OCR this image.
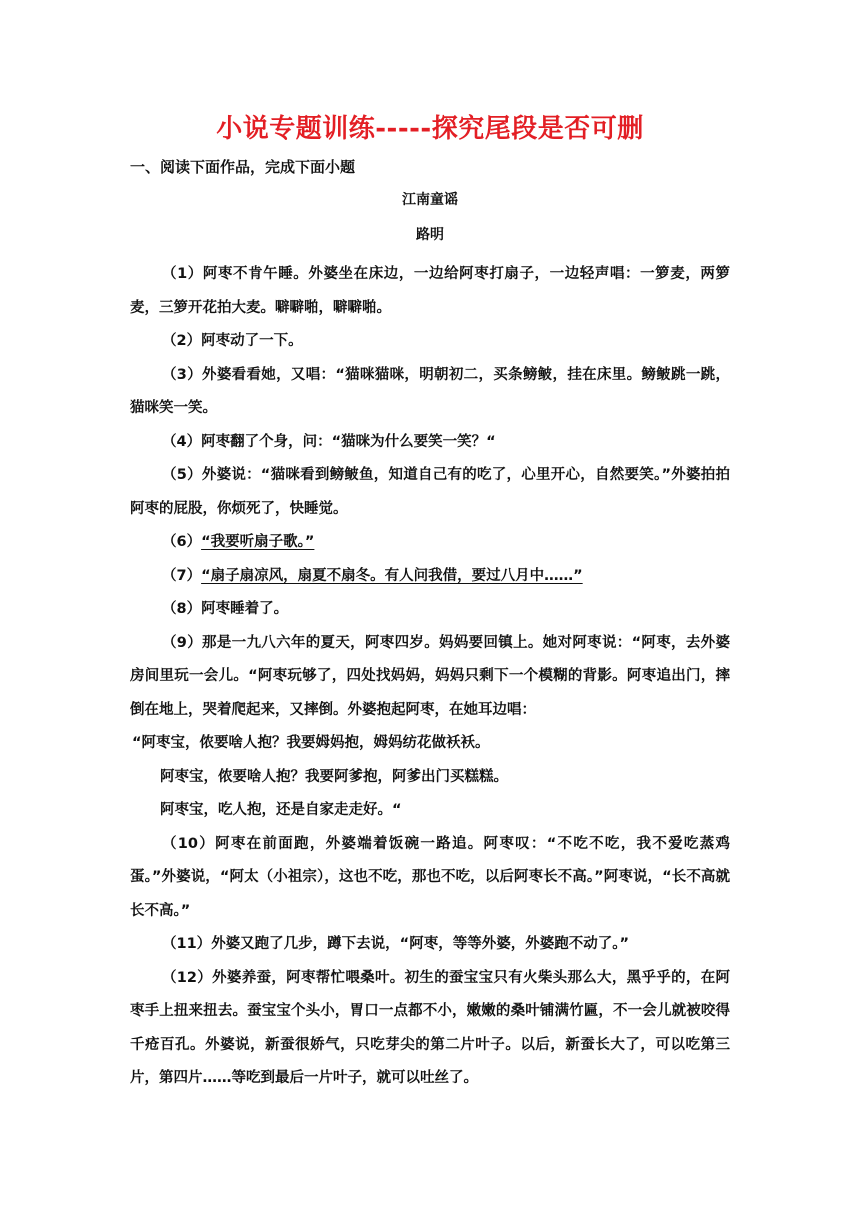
小说专题训练-----探究尾段是否可删
一、阅读下面作品，完成下面小题
江南童谣
路明

（1）阿枣不肯午睡。外婆坐在床边，一边给阿枣打扇子，一边轻声唱：一箩麦，两箩麦，三箩开花拍大麦。噼噼啪，噼噼啪。

（2）阿枣动了一下。

（3）外婆看看她，又唱：“猫咪猫咪，明朝初二，买条鳑鲏，挂在床里。鳑鲏跳一跳，猫咪笑一笑。

（4）阿枣翻了个身，问：“猫咪为什么要笑一笑？“

（5）外婆说：“猫咪看到鳑鲏鱼，知道自己有的吃了，心里开心，自然要笑。”外婆拍拍阿枣的屁股，你烦死了，快睡觉。

（6）“我要听扇子歌。”

（7）“扇子扇凉风，扇夏不扇冬。有人问我借，要过八月中……”

（8）阿枣睡着了。

（9）那是一九八六年的夏天，阿枣四岁。妈妈要回镇上。她对阿枣说：“阿枣，去外婆房间里玩一会儿。“阿枣玩够了，四处找妈妈，妈妈只剩下一个模糊的背影。阿枣追出门，摔倒在地上，哭着爬起来，又摔倒。外婆抱起阿枣，在她耳边唱：

“阿枣宝，侬要啥人抱？我要姆妈抱，姆妈纺花做袄袄。

阿枣宝，侬要啥人抱？我要阿爹抱，阿爹出门买糕糕。

阿枣宝，吃人抱，还是自家走走好。“

（10）阿枣在前面跑，外婆端着饭碗一路追。阿枣叹：“不吃不吃，我不爱吃蒸鸡蛋。”外婆说，“阿太（小祖宗），这也不吃，那也不吃，以后阿枣长不高。”阿枣说，“长不高就长不高。”

（11）外婆又跑了几步，蹲下去说，“阿枣，等等外婆，外婆跑不动了。”

（12）外婆养蚕，阿枣帮忙喂桑叶。初生的蚕宝宝只有火柴头那么大，黑乎乎的，在阿枣手上扭来扭去。蚕宝宝个头小，胃口一点都不小，嫩嫩的桑叶铺满竹匾，不一会儿就被咬得千疮百孔。外婆说，新蚕很娇气，只吃芽尖的第二片叶子。以后，新蚕长大了，可以吃第三片，第四片……等吃到最后一片叶子，就可以吐丝了。
